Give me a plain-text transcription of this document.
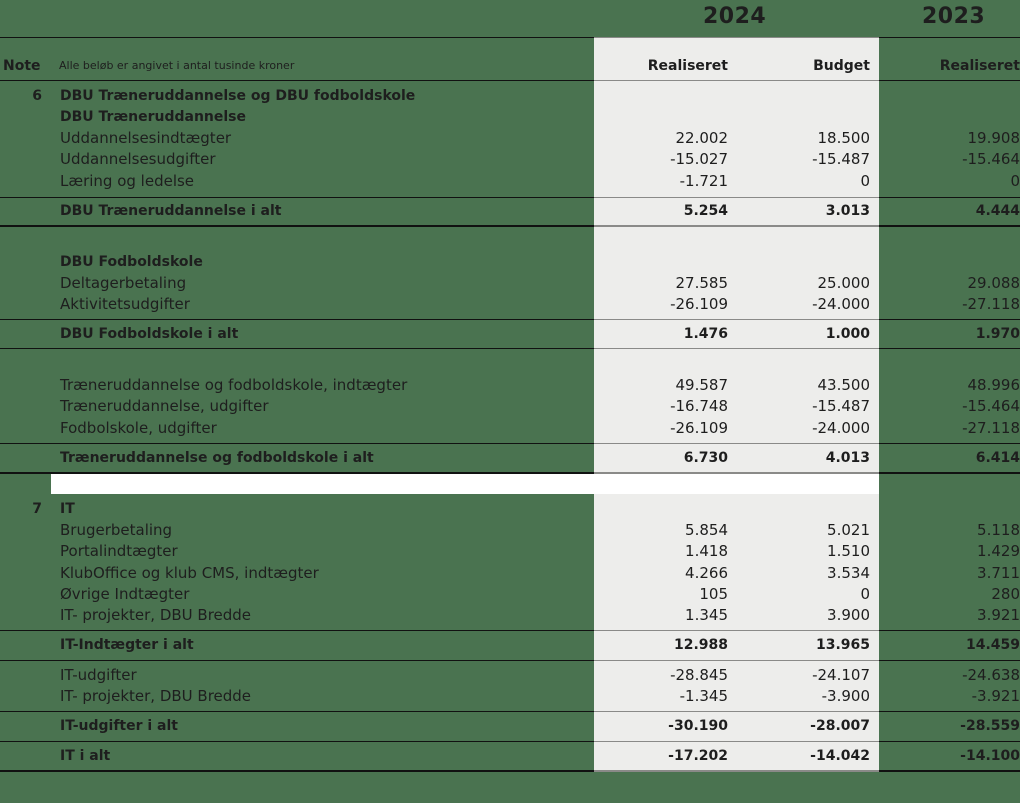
2024	2023
Note Alle beløb er angivet i antal tusinde kroner	Realiseret	Budget	Realiseret
6 DBU Træneruddannelse og DBU fodboldskole
DBU Træneruddannelse
Uddannelsesindtægter	22.002	18.500	19.908
Uddannelsesudgifter	-15.027	-15.487	-15.464
Læring og ledelse	-1.721	0	0
DBU Træneruddannelse i alt	5.254	3.013	4.444
DBU Fodboldskole
Deltagerbetaling	27.585	25.000	29.088
Aktivitetsudgifter	-26.109	-24.000	-27.118
DBU Fodboldskole i alt	1.476	1.000	1.970
Træneruddannelse og fodboldskole, indtægter	49.587	43.500	48.996
Træneruddannelse, udgifter	-16.748	-15.487	-15.464
Fodbolskole, udgifter	-26.109	-24.000	-27.118
Træneruddannelse og fodboldskole i alt	6.730	4.013	6.414
7 IT
Brugerbetaling	5.854	5.021	5.118
Portalindtægter	1.418	1.510	1.429
KlubOffice og klub CMS, indtægter	4.266	3.534	3.711
Øvrige Indtægter	105	0	280
IT- projekter, DBU Bredde	1.345	3.900	3.921
IT-Indtægter i alt	12.988	13.965	14.459
IT-udgifter	-28.845	-24.107	-24.638
IT- projekter, DBU Bredde	-1.345	-3.900	-3.921
IT-udgifter i alt	-30.190	-28.007	-28.559
IT i alt	-17.202	-14.042	-14.100
